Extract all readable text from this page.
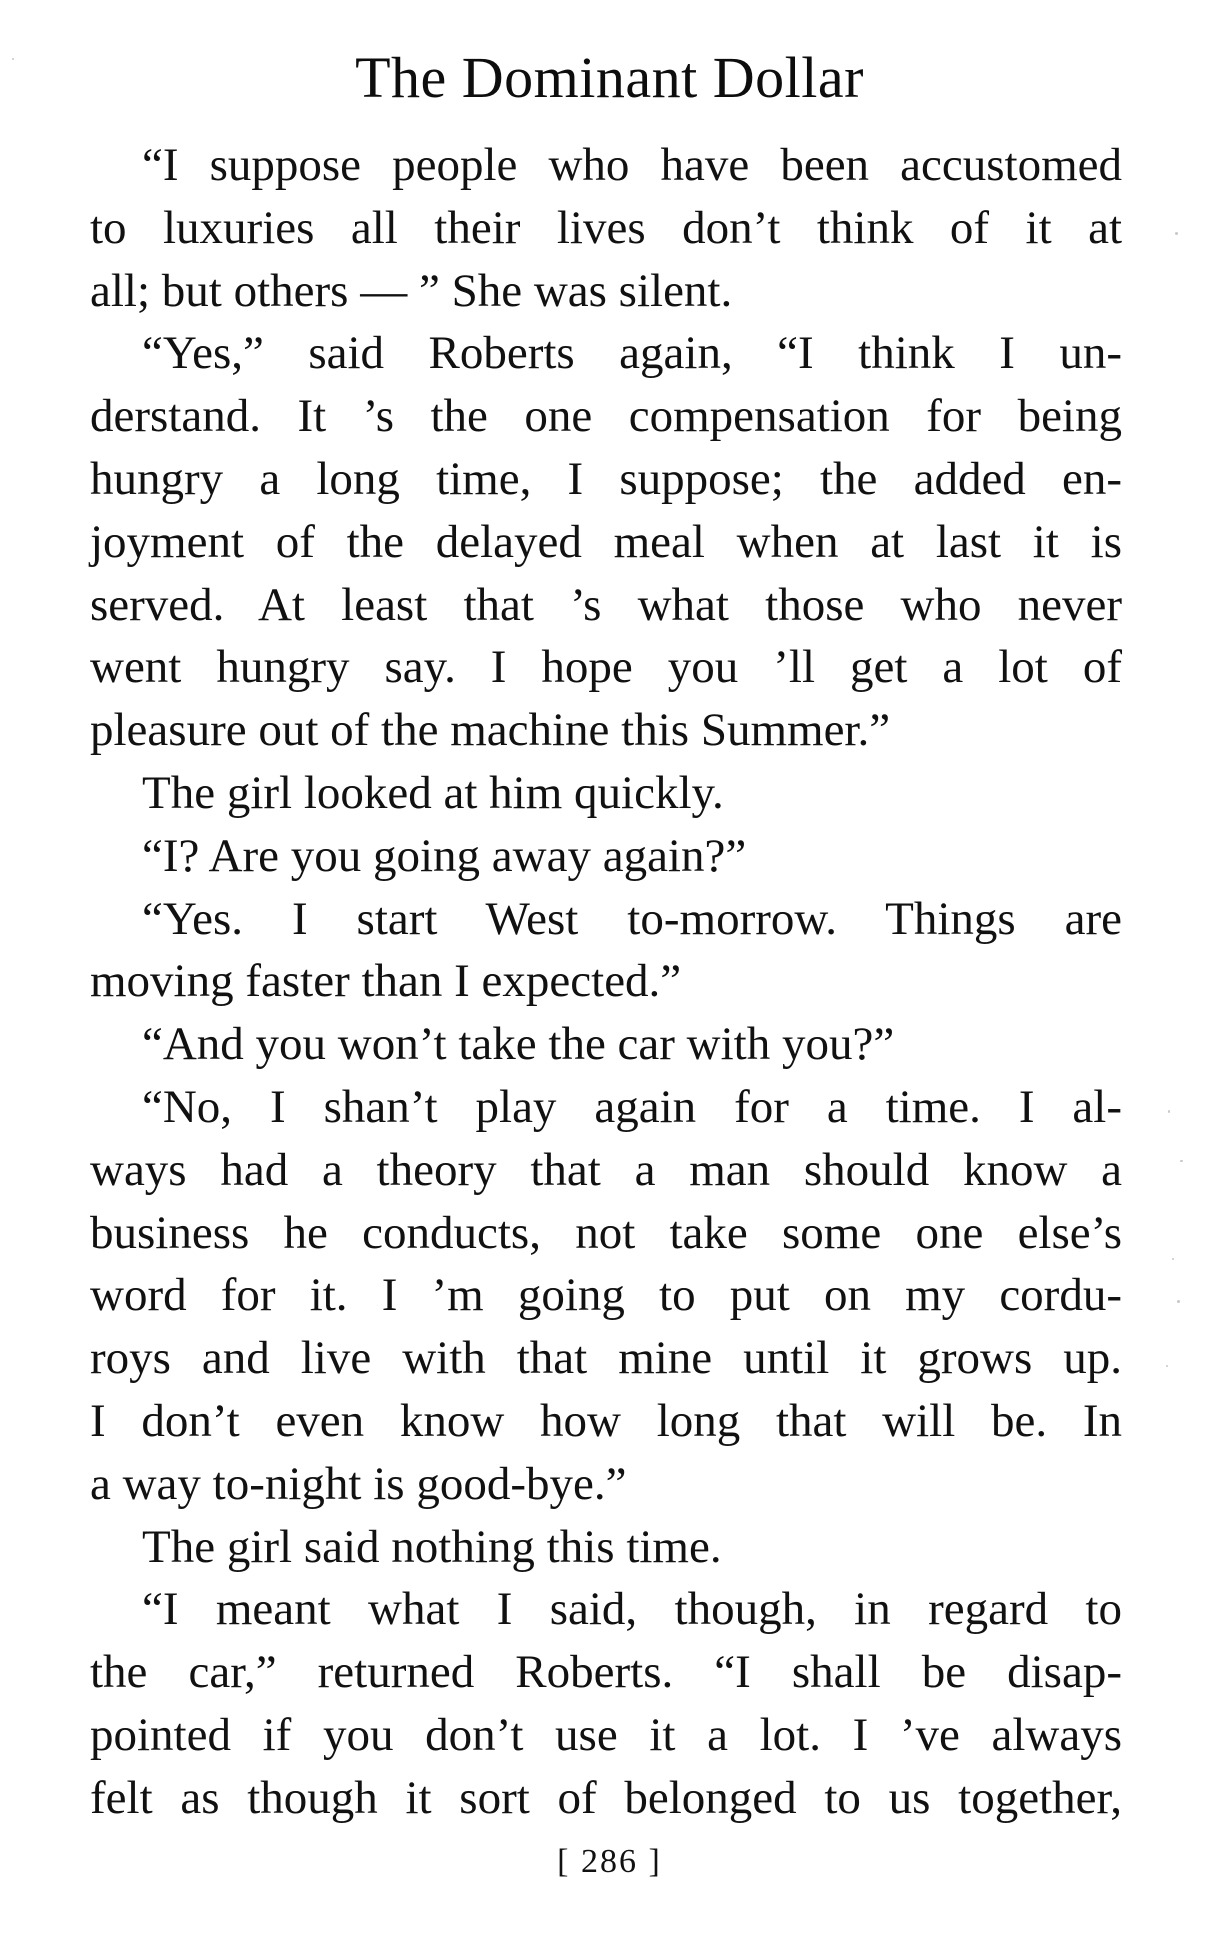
The Dominant Dollar
“I suppose people who have been accustomed
to luxuries all their lives don’t think of it at
all; but others — ” She was silent.
“Yes,” said Roberts again, “I think I un-
derstand. It ’s the one compensation for being
hungry a long time, I suppose; the added en-
joyment of the delayed meal when at last it is
served. At least that ’s what those who never
went hungry say. I hope you ’ll get a lot of
pleasure out of the machine this Summer.”
The girl looked at him quickly.
“I? Are you going away again?”
“Yes. I start West to-morrow. Things are
moving faster than I expected.”
“And you won’t take the car with you?”
“No, I shan’t play again for a time. I al-
ways had a theory that a man should know a
business he conducts, not take some one else’s
word for it. I ’m going to put on my cordu-
roys and live with that mine until it grows up.
I don’t even know how long that will be. In
a way to-night is good-bye.”
The girl said nothing this time.
“I meant what I said, though, in regard to
the car,” returned Roberts. “I shall be disap-
pointed if you don’t use it a lot. I ’ve always
felt as though it sort of belonged to us together,
[ 286 ]
